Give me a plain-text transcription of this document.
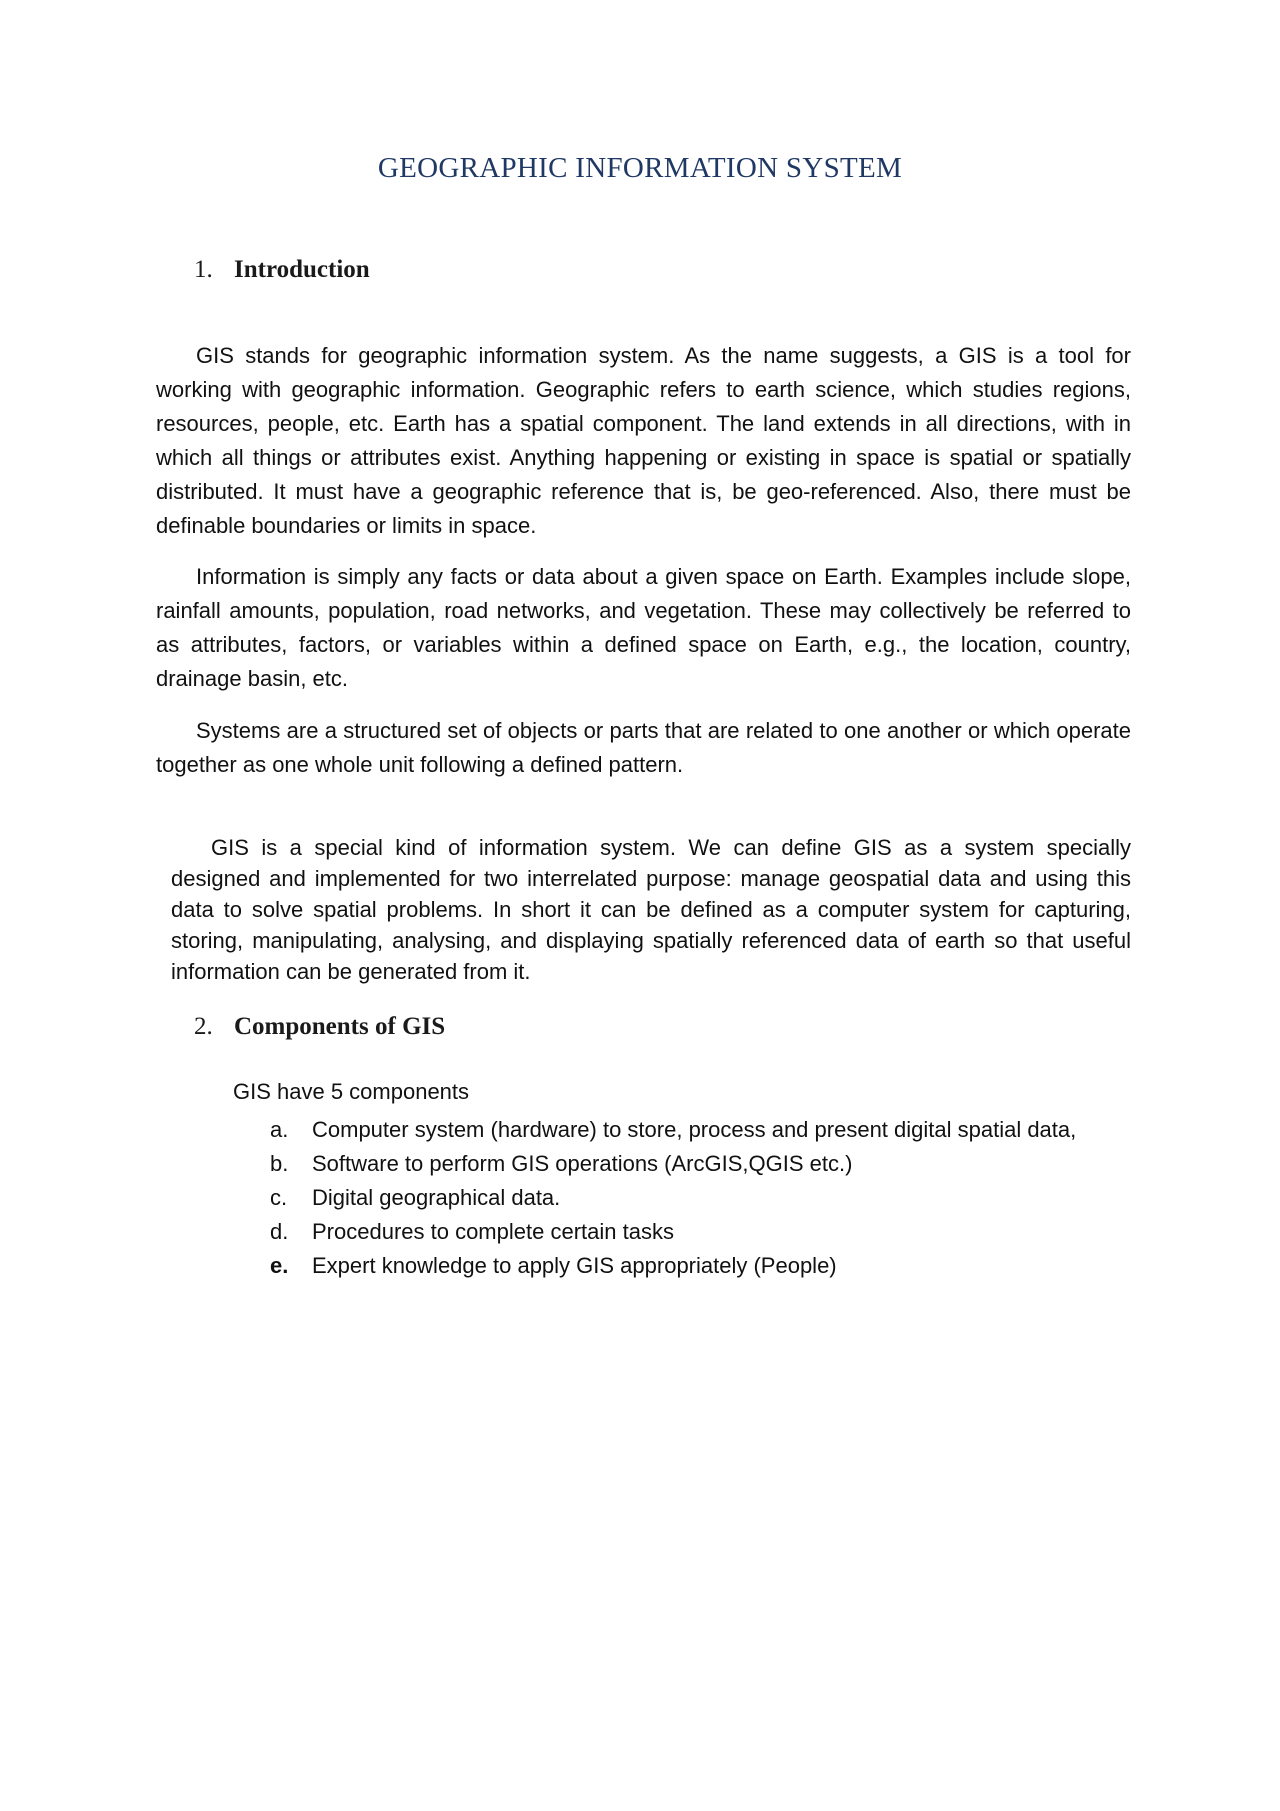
GEOGRAPHIC INFORMATION SYSTEM
1. Introduction

GIS stands for geographic information system. As the name suggests, a GIS is a tool for working with geographic information. Geographic refers to earth science, which studies regions, resources, people, etc. Earth has a spatial component. The land extends in all directions, with in which all things or attributes exist. Anything happening or existing in space is spatial or spatially distributed. It must have a geographic reference that is, be geo-referenced. Also, there must be definable boundaries or limits in space.

Information is simply any facts or data about a given space on Earth. Examples include slope, rainfall amounts, population, road networks, and vegetation. These may collectively be referred to as attributes, factors, or variables within a defined space on Earth, e.g., the location, country, drainage basin, etc.

Systems are a structured set of objects or parts that are related to one another or which operate together as one whole unit following a defined pattern.

GIS is a special kind of information system. We can define GIS as a system specially designed and implemented for two interrelated purpose: manage geospatial data and using this data to solve spatial problems. In short it can be defined as a computer system for capturing, storing, manipulating, analysing, and displaying spatially referenced data of earth so that useful information can be generated from it.

2. Components of GIS

GIS have 5 components

a. Computer system (hardware) to store, process and present digital spatial data,
b. Software to perform GIS operations (ArcGIS,QGIS etc.)
c. Digital geographical data.
d. Procedures to complete certain tasks
e. Expert knowledge to apply GIS appropriately (People)
